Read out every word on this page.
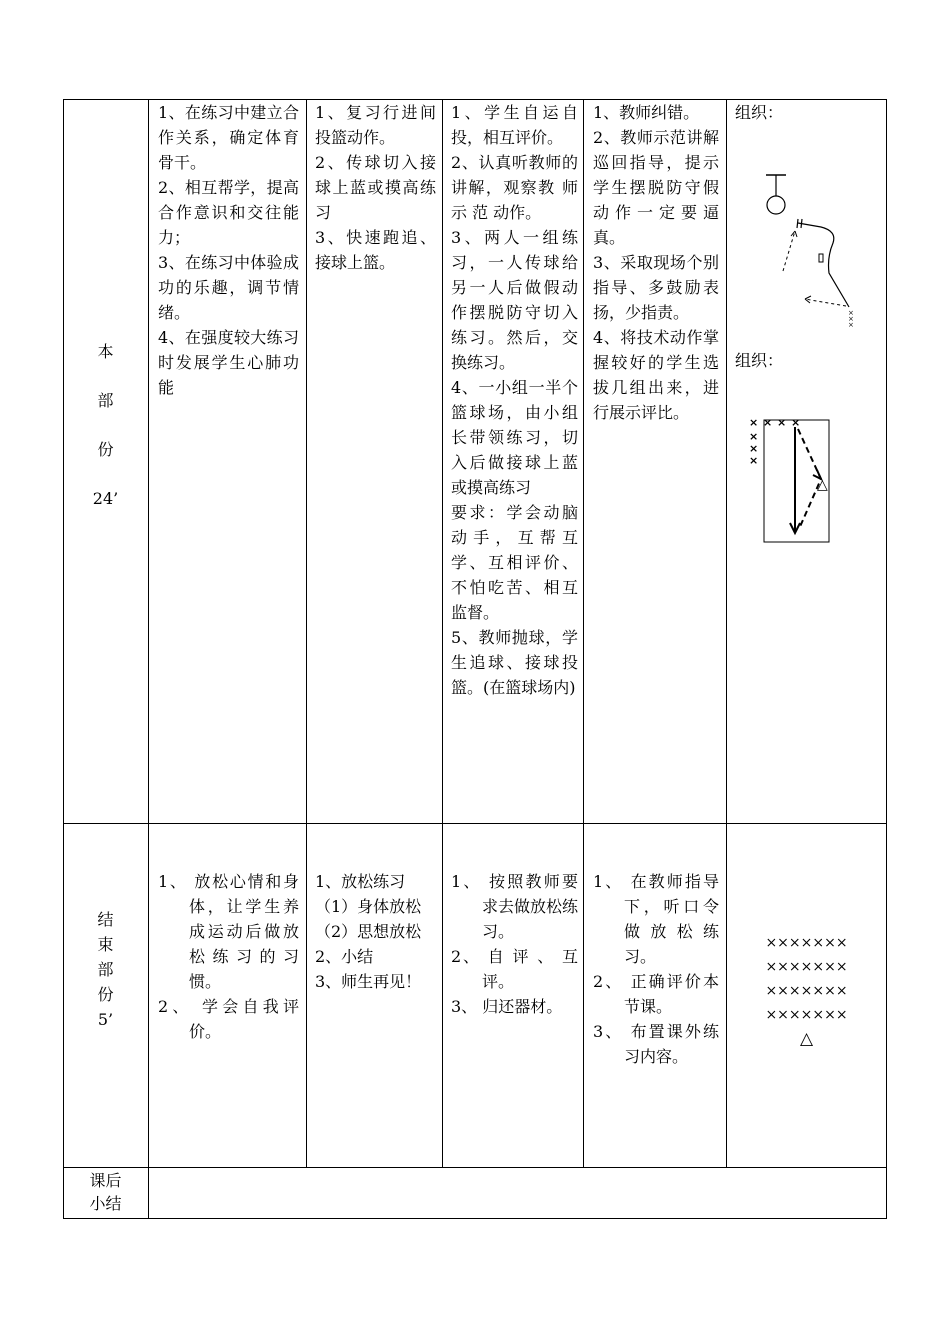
本
部
份
24’

1、在练习中建立合作关系，确定体育骨干。

2、相互帮学，提高合作意识和交往能力；

3、在练习中体验成功的乐趣，调节情绪。

4、在强度较大练习时发展学生心肺功能

1、复习行进间投篮动作。

2、传球切入接球上蓝或摸高练习

3、快速跑追、接球上篮。

1、学生自运自投，相互评价。

2、认真听教师的讲解，观察教 师 示 范 动作。

3、两人一组练习，一人传球给另一人后做假动作摆脱防守切入练习。然后，交换练习。

4、一小组一半个篮球场，由小组长带领练习，切入后做接球上蓝或摸高练习

要求：学会动脑动手，互帮互学、互相评价、不怕吃苦、相互监督。

5、教师抛球，学生追球、接球投篮。(在篮球场内)

1、教师纠错。

2、教师示范讲解巡回指导，提示学生摆脱防守假动作一定要逼真。

3、采取现场个别指导、多鼓励表扬，少指责。

4、将技术动作掌握较好的学生选拔几组出来，进行展示评比。

组织：

组织：

×
×
×
× × × ×
×
×
×
△
结
束
部
份
5’

1、 放松心情和身体，让学生养成运动后做放松练习的习惯。

2、 学会自我评价。

1、放松练习

（1）身体放松

（2）思想放松

2、小结

3、师生再见！

1、 按照教师要求去做放松练习。

2、 自 评 、 互评。

3、 归还器材。

1、 在教师指导下，听口令做放松练习。

2、 正确评价本节课。

3、 布置课外练习内容。

×××××××
×××××××
×××××××
×××××××
△
课后
小结
